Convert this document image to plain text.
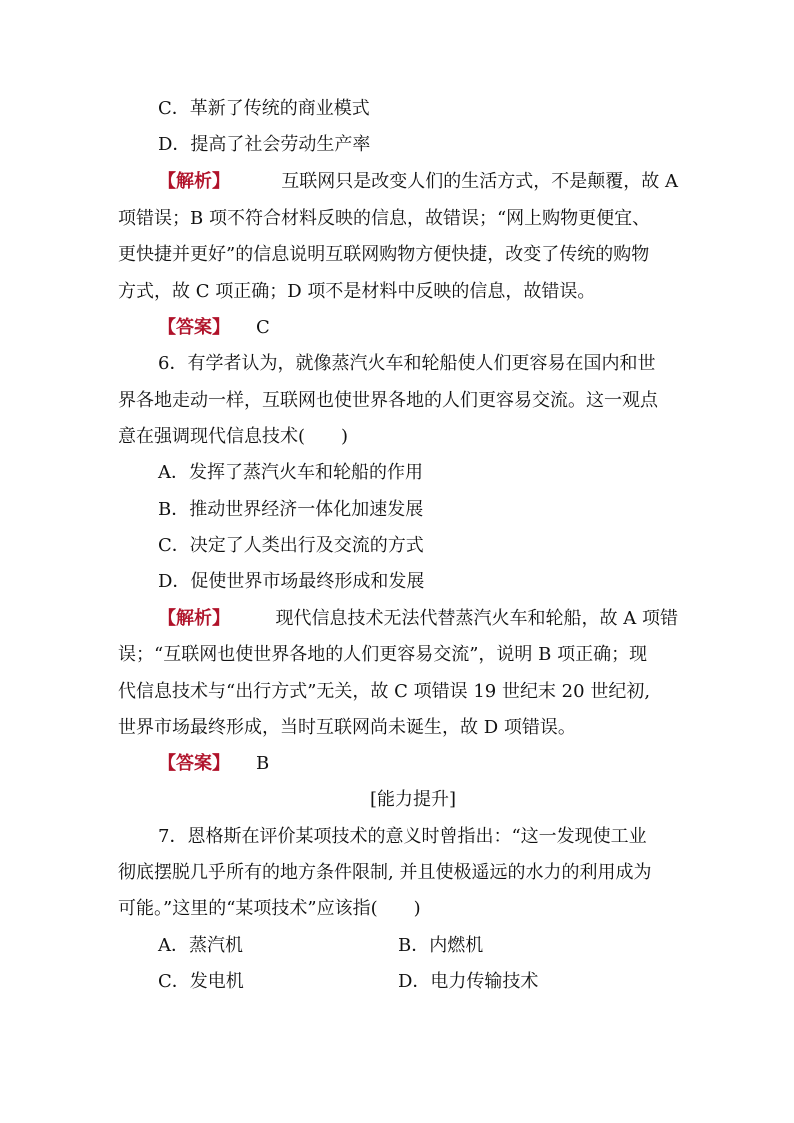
C．革新了传统的商业模式
D．提高了社会劳动生产率
【解析】	互联网只是改变人们的生活方式，不是颠覆，故 A
项错误；B 项不符合材料反映的信息，故错误；“网上购物更便宜、
更快捷并更好”的信息说明互联网购物方便快捷，改变了传统的购物
方式，故 C 项正确；D 项不是材料中反映的信息，故错误。
【答案】 C
6．有学者认为，就像蒸汽火车和轮船使人们更容易在国内和世
界各地走动一样，互联网也使世界各地的人们更容易交流。这一观点
意在强调现代信息技术(　　)
A．发挥了蒸汽火车和轮船的作用
B．推动世界经济一体化加速发展
C．决定了人类出行及交流的方式
D．促使世界市场最终形成和发展
【解析】	现代信息技术无法代替蒸汽火车和轮船，故 A 项错
误；“互联网也使世界各地的人们更容易交流”，说明 B 项正确；现
代信息技术与“出行方式”无关，故 C 项错误 19 世纪末 20 世纪初,
世界市场最终形成，当时互联网尚未诞生，故 D 项错误。
【答案】 B
[能力提升]
7．恩格斯在评价某项技术的意义时曾指出：“这一发现使工业
彻底摆脱几乎所有的地方条件限制, 并且使极遥远的水力的利用成为
可能。”这里的“某项技术”应该指(　　)
A．蒸汽机	B．内燃机
C．发电机	D．电力传输技术
